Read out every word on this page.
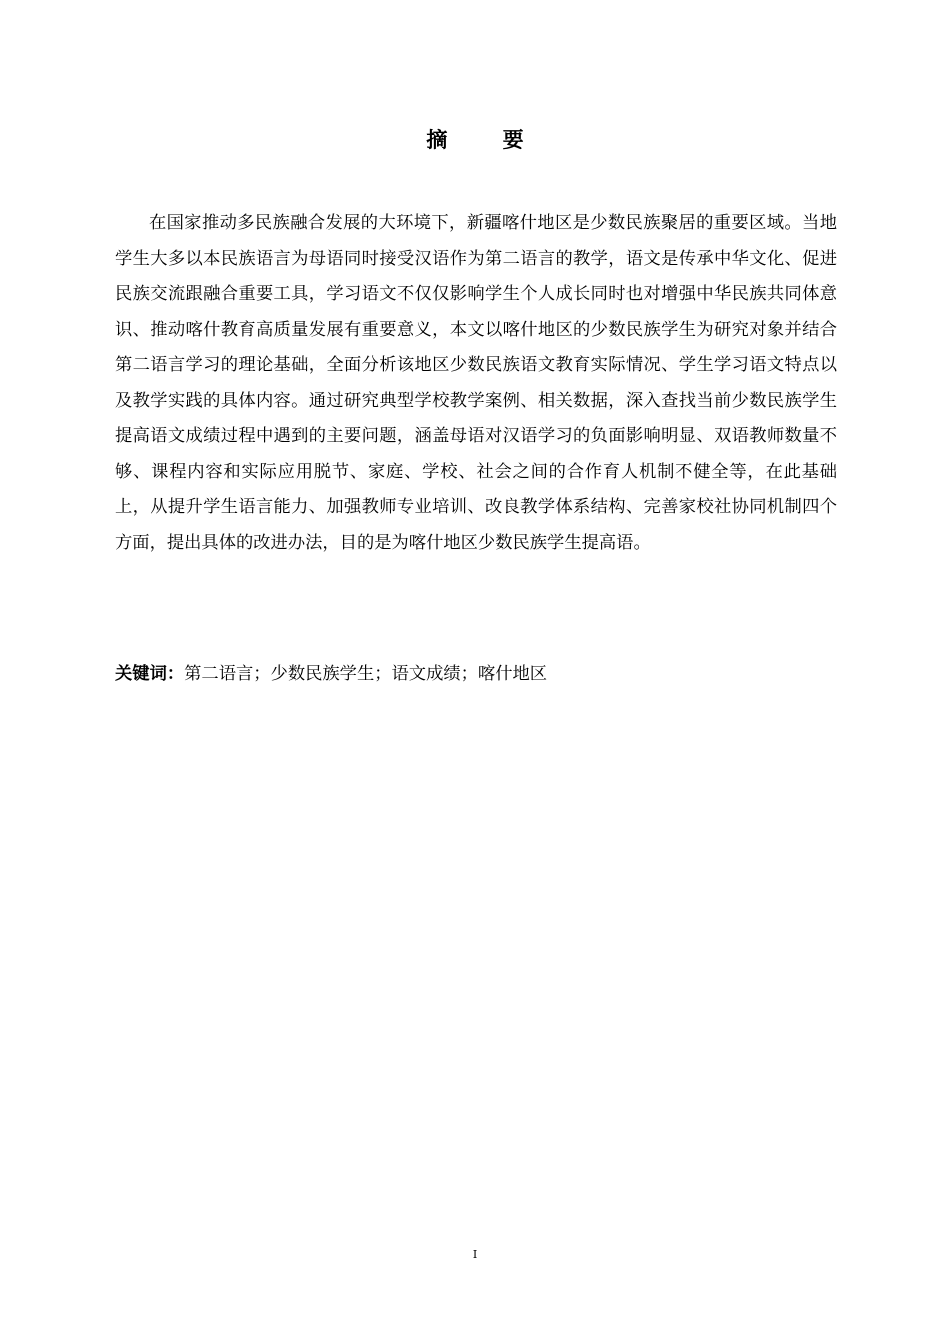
摘 要

在国家推动多民族融合发展的大环境下，新疆喀什地区是少数民族聚居的重要区域。当地学生大多以本民族语言为母语同时接受汉语作为第二语言的教学，语文是传承中华文化、促进民族交流跟融合重要工具，学习语文不仅仅影响学生个人成长同时也对增强中华民族共同体意识、推动喀什教育高质量发展有重要意义，本文以喀什地区的少数民族学生为研究对象并结合第二语言学习的理论基础，全面分析该地区少数民族语文教育实际情况、学生学习语文特点以及教学实践的具体内容。通过研究典型学校教学案例、相关数据，深入查找当前少数民族学生提高语文成绩过程中遇到的主要问题，涵盖母语对汉语学习的负面影响明显、双语教师数量不够、课程内容和实际应用脱节、家庭、学校、社会之间的合作育人机制不健全等，在此基础上，从提升学生语言能力、加强教师专业培训、改良教学体系结构、完善家校社协同机制四个方面，提出具体的改进办法，目的是为喀什地区少数民族学生提高语。

关键词：第二语言；少数民族学生；语文成绩；喀什地区
I
